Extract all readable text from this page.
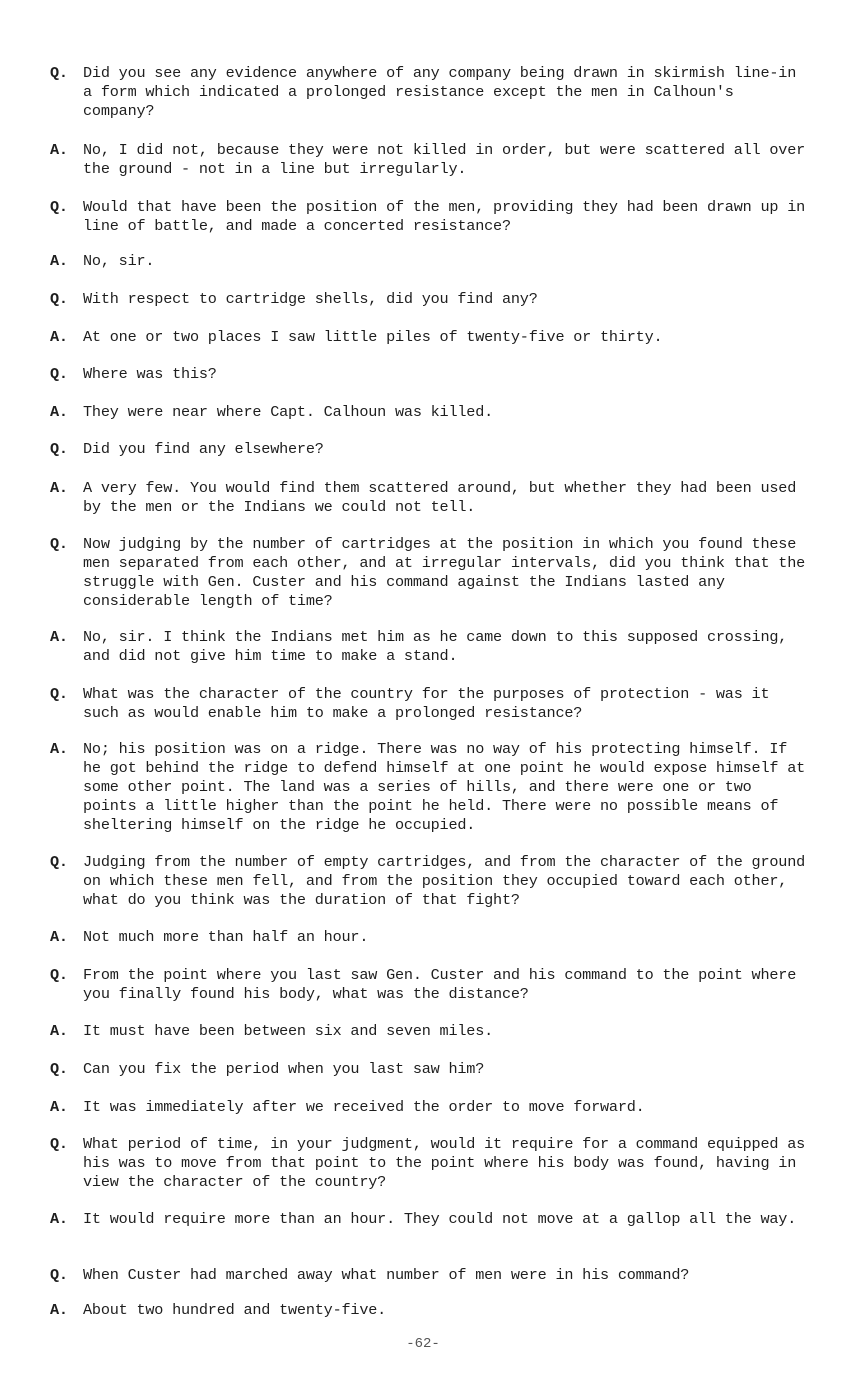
Q. Did you see any evidence anywhere of any company being drawn in skirmish line-in a form which indicated a prolonged resistance except the men in Calhoun's company?
A. No, I did not, because they were not killed in order, but were scattered all over the ground - not in a line but irregularly.
Q. Would that have been the position of the men, providing they had been drawn up in line of battle, and made a concerted resistance?
A. No, sir.
Q. With respect to cartridge shells, did you find any?
A. At one or two places I saw little piles of twenty-five or thirty.
Q. Where was this?
A. They were near where Capt. Calhoun was killed.
Q. Did you find any elsewhere?
A. A very few. You would find them scattered around, but whether they had been used by the men or the Indians we could not tell.
Q. Now judging by the number of cartridges at the position in which you found these men separated from each other, and at irregular intervals, did you think that the struggle with Gen. Custer and his command against the Indians lasted any considerable length of time?
A. No, sir. I think the Indians met him as he came down to this supposed crossing, and did not give him time to make a stand.
Q. What was the character of the country for the purposes of protection - was it such as would enable him to make a prolonged resistance?
A. No; his position was on a ridge. There was no way of his protecting himself. If he got behind the ridge to defend himself at one point he would expose himself at some other point. The land was a series of hills, and there were one or two points a little higher than the point he held. There were no possible means of sheltering himself on the ridge he occupied.
Q. Judging from the number of empty cartridges, and from the character of the ground on which these men fell, and from the position they occupied toward each other, what do you think was the duration of that fight?
A. Not much more than half an hour.
Q. From the point where you last saw Gen. Custer and his command to the point where you finally found his body, what was the distance?
A. It must have been between six and seven miles.
Q. Can you fix the period when you last saw him?
A. It was immediately after we received the order to move forward.
Q. What period of time, in your judgment, would it require for a command equipped as his was to move from that point to the point where his body was found, having in view the character of the country?
A. It would require more than an hour. They could not move at a gallop all the way.
Q. When Custer had marched away what number of men were in his command?
A. About two hundred and twenty-five.
-62-
